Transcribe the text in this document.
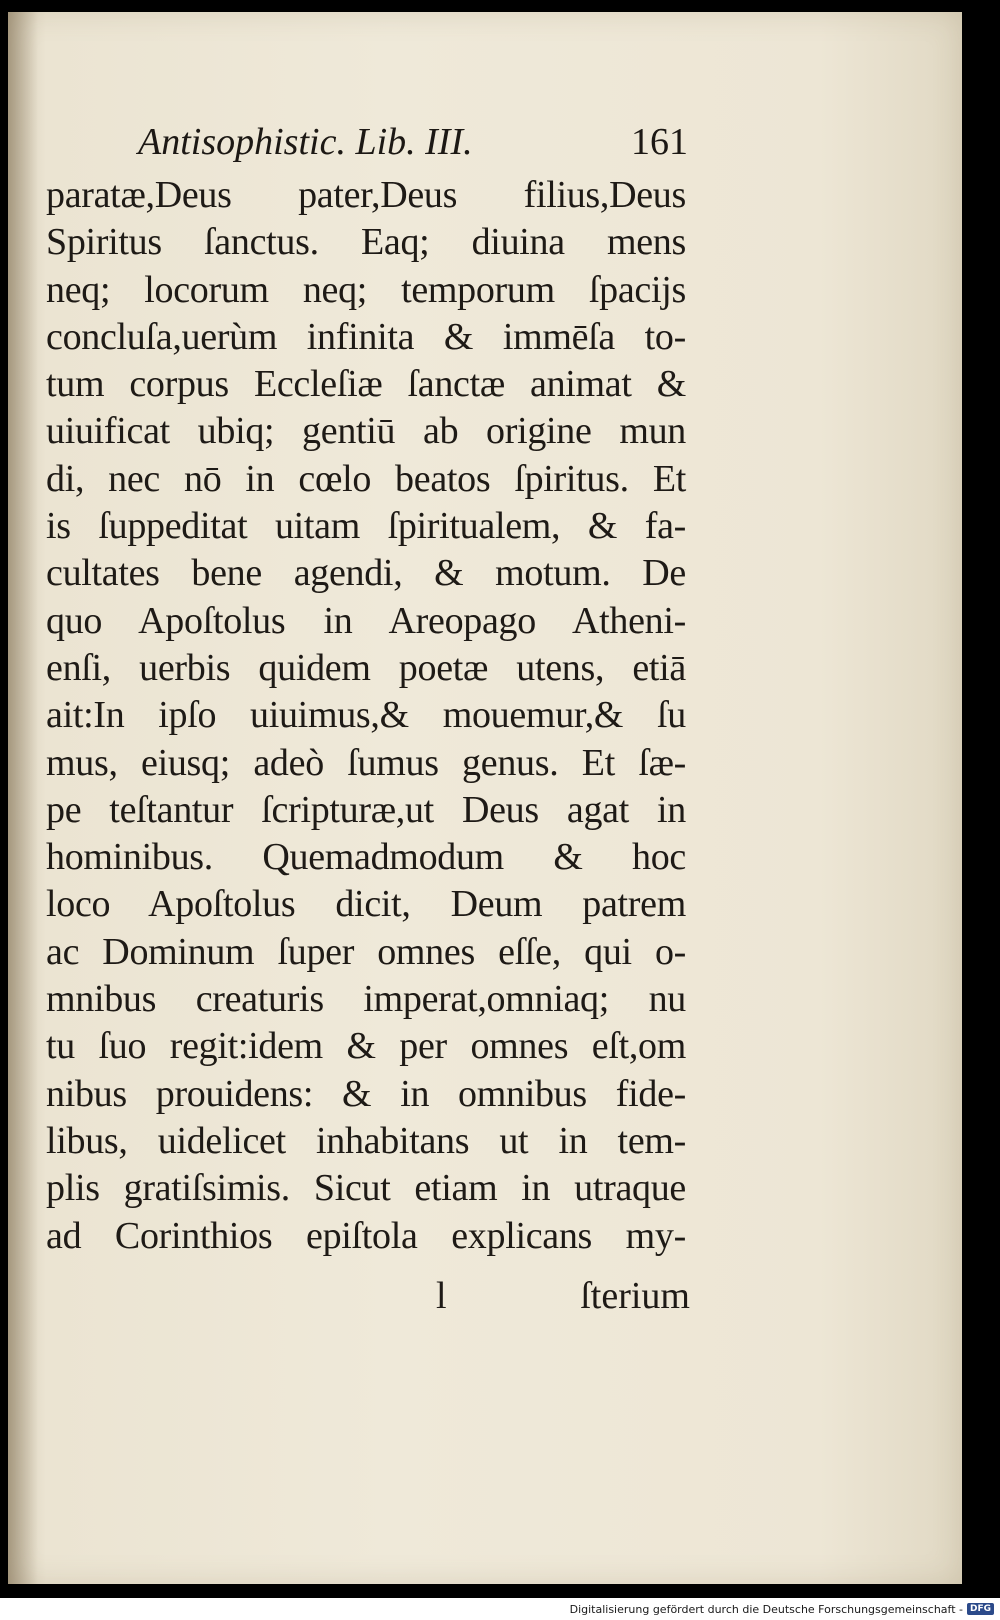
Antisophistic. Lib. III.	161
paratæ,Deus pater,Deus filius,Deus
Spiritus ſanctus. Eaq; diuina mens
neq; locorum neq; temporum ſpacijs
concluſa,uerùm infinita & immēſa to-
tum corpus Eccleſiæ ſanctæ animat &
uiuificat ubiq; gentiū ab origine mun
di, nec nō in cœlo beatos ſpiritus. Et
is ſuppeditat uitam ſpiritualem, & fa-
cultates bene agendi, & motum. De
quo Apoſtolus in Areopago Atheni-
enſi, uerbis quidem poetæ utens, etiā
ait:In ipſo uiuimus,& mouemur,& ſu
mus, eiusq; adeò ſumus genus. Et ſæ-
pe teſtantur ſcripturæ,ut Deus agat in
hominibus. Quemadmodum & hoc
loco Apoſtolus dicit, Deum patrem
ac Dominum ſuper omnes eſſe, qui o-
mnibus creaturis imperat,omniaq; nu
tu ſuo regit:idem & per omnes eſt,om
nibus prouidens: & in omnibus fide-
libus, uidelicet inhabitans ut in tem-
plis gratiſsimis. Sicut etiam in utraque
ad Corinthios epiſtola explicans my-
l	ſterium
Digitalisierung gefördert durch die Deutsche Forschungsgemeinschaft - DFG
